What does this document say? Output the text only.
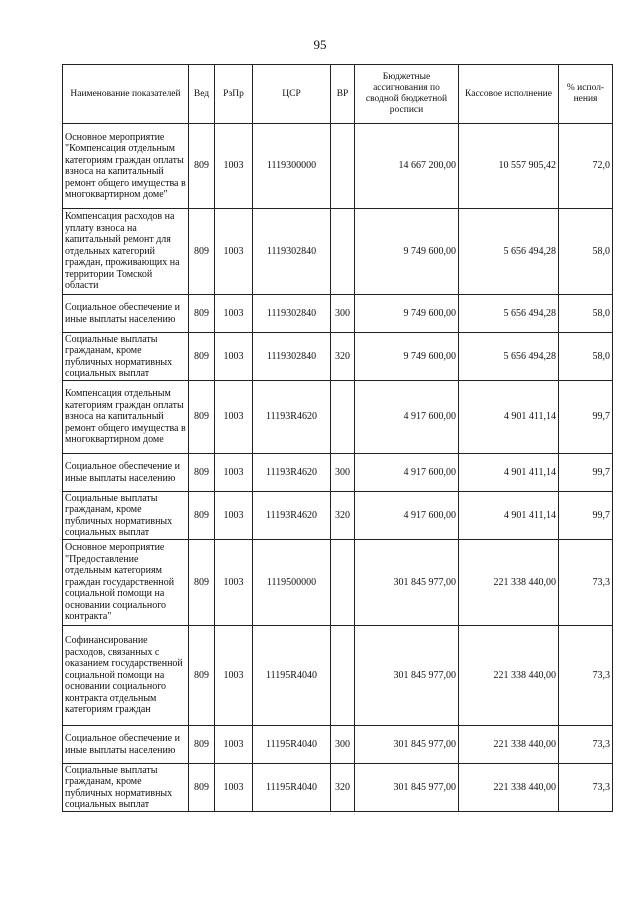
95
Наименование показателей	Вед	РзПр	ЦСР	ВР	Бюджетные ассигнования по сводной бюджетной росписи	Кассовое исполнение	% испол-нения
Основное мероприятие "Компенсация отдельным категориям граждан оплаты взноса на капитальный ремонт общего имущества в многоквартирном доме"	809	1003	1119300000		14 667 200,00	10 557 905,42	72,0
Компенсация расходов на уплату взноса на капитальный ремонт для отдельных категорий граждан, проживающих на территории Томской области	809	1003	1119302840		9 749 600,00	5 656 494,28	58,0
Социальное обеспечение и иные выплаты населению	809	1003	1119302840	300	9 749 600,00	5 656 494,28	58,0
Социальные выплаты гражданам, кроме публичных нормативных социальных выплат	809	1003	1119302840	320	9 749 600,00	5 656 494,28	58,0
Компенсация отдельным категориям граждан оплаты взноса на капитальный ремонт общего имущества в многоквартирном доме	809	1003	11193R4620		4 917 600,00	4 901 411,14	99,7
Социальное обеспечение и иные выплаты населению	809	1003	11193R4620	300	4 917 600,00	4 901 411,14	99,7
Социальные выплаты гражданам, кроме публичных нормативных социальных выплат	809	1003	11193R4620	320	4 917 600,00	4 901 411,14	99,7
Основное мероприятие "Предоставление отдельным категориям граждан государственной социальной помощи на основании социального контракта"	809	1003	1119500000		301 845 977,00	221 338 440,00	73,3
Софинансирование расходов, связанных с оказанием государственной социальной помощи на основании социального контракта отдельным категориям граждан	809	1003	11195R4040		301 845 977,00	221 338 440,00	73,3
Социальное обеспечение и иные выплаты населению	809	1003	11195R4040	300	301 845 977,00	221 338 440,00	73,3
Социальные выплаты гражданам, кроме публичных нормативных социальных выплат	809	1003	11195R4040	320	301 845 977,00	221 338 440,00	73,3
